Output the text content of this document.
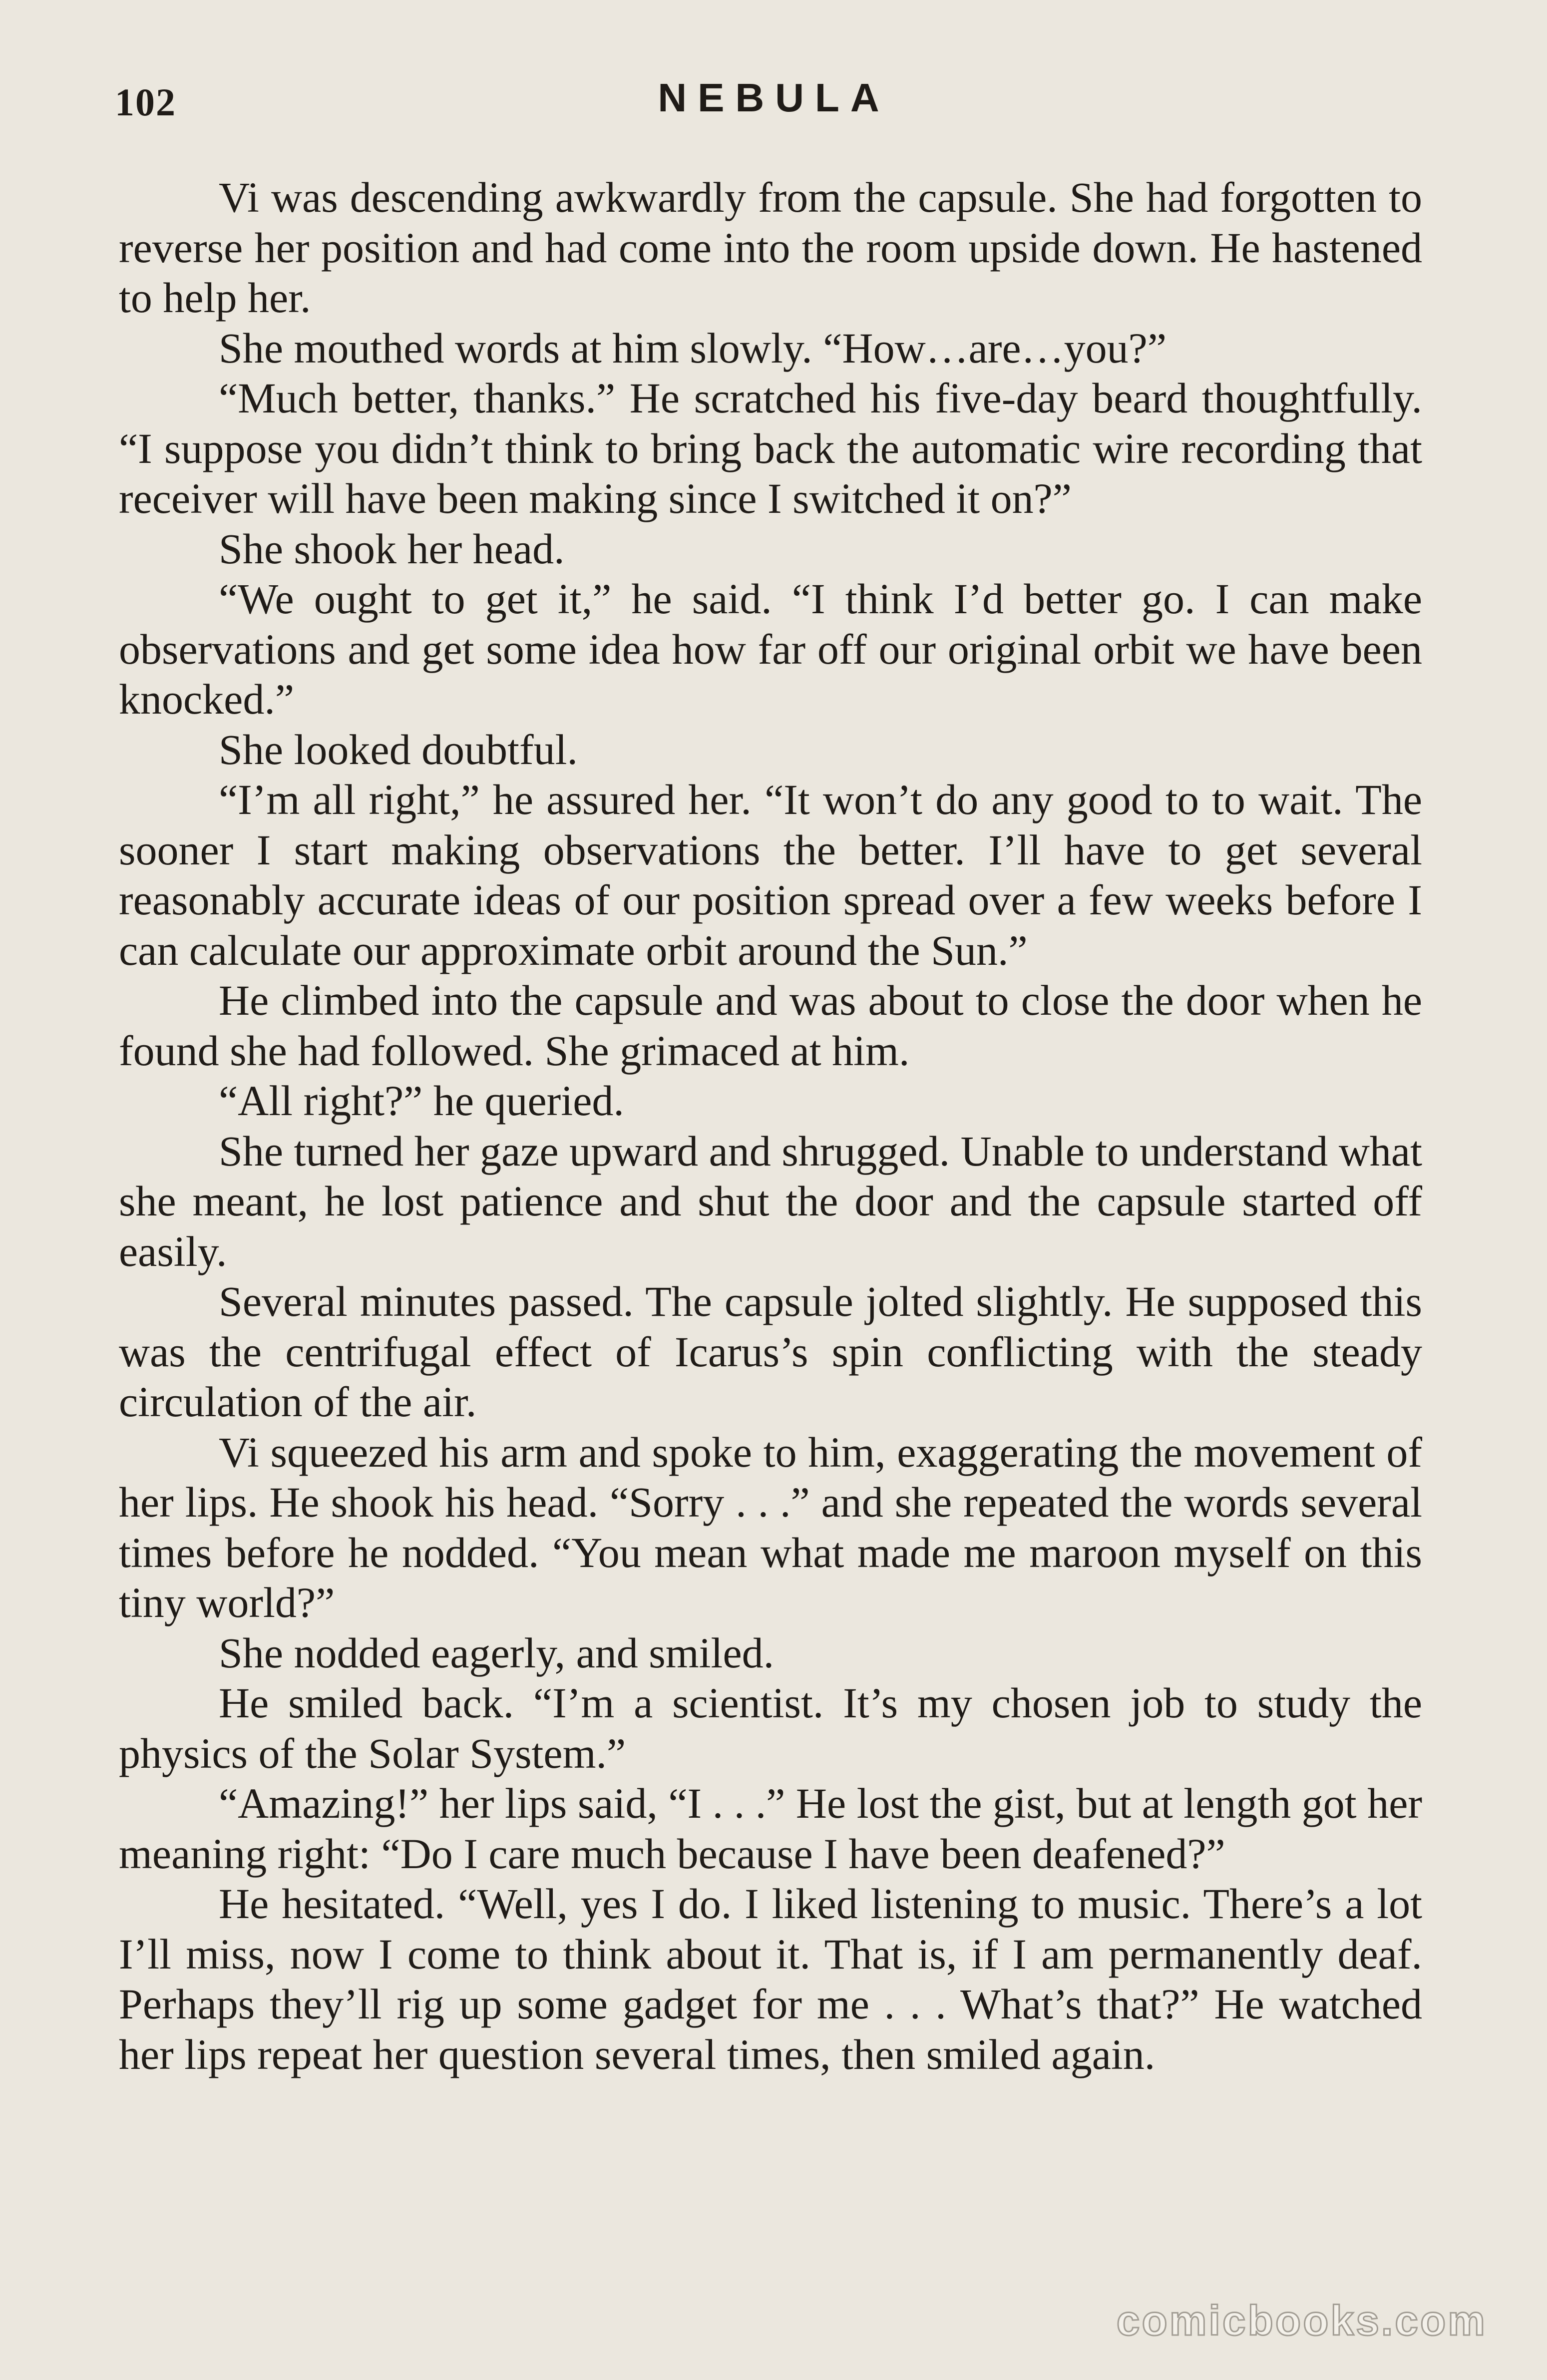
102	NEBULA

Vi was descending awkwardly from the capsule. She had forgotten to reverse her position and had come into the room upside down. He hastened to help her.

She mouthed words at him slowly. “How…are…you?”

“Much better, thanks.” He scratched his five-day beard thoughtfully. “I suppose you didn’t think to bring back the automatic wire recording that receiver will have been making since I switched it on?”

She shook her head.

“We ought to get it,” he said. “I think I’d better go. I can make observations and get some idea how far off our original orbit we have been knocked.”

She looked doubtful.

“I’m all right,” he assured her. “It won’t do any good to to wait. The sooner I start making observations the better. I’ll have to get several reasonably accurate ideas of our position spread over a few weeks before I can calculate our approximate orbit around the Sun.”

He climbed into the capsule and was about to close the door when he found she had followed. She grimaced at him.

“All right?” he queried.

She turned her gaze upward and shrugged. Unable to understand what she meant, he lost patience and shut the door and the capsule started off easily.

Several minutes passed. The capsule jolted slightly. He supposed this was the centrifugal effect of Icarus’s spin conflicting with the steady circulation of the air.

Vi squeezed his arm and spoke to him, exaggerating the movement of her lips. He shook his head. “Sorry . . .” and she repeated the words several times before he nodded. “You mean what made me maroon myself on this tiny world?”

She nodded eagerly, and smiled.

He smiled back. “I’m a scientist. It’s my chosen job to study the physics of the Solar System.”

“Amazing!” her lips said, “I . . .” He lost the gist, but at length got her meaning right: “Do I care much because I have been deafened?”

He hesitated. “Well, yes I do. I liked listening to music. There’s a lot I’ll miss, now I come to think about it. That is, if I am permanently deaf. Perhaps they’ll rig up some gadget for me . . . What’s that?” He watched her lips repeat her question several times, then smiled again.

comicbooks.com
